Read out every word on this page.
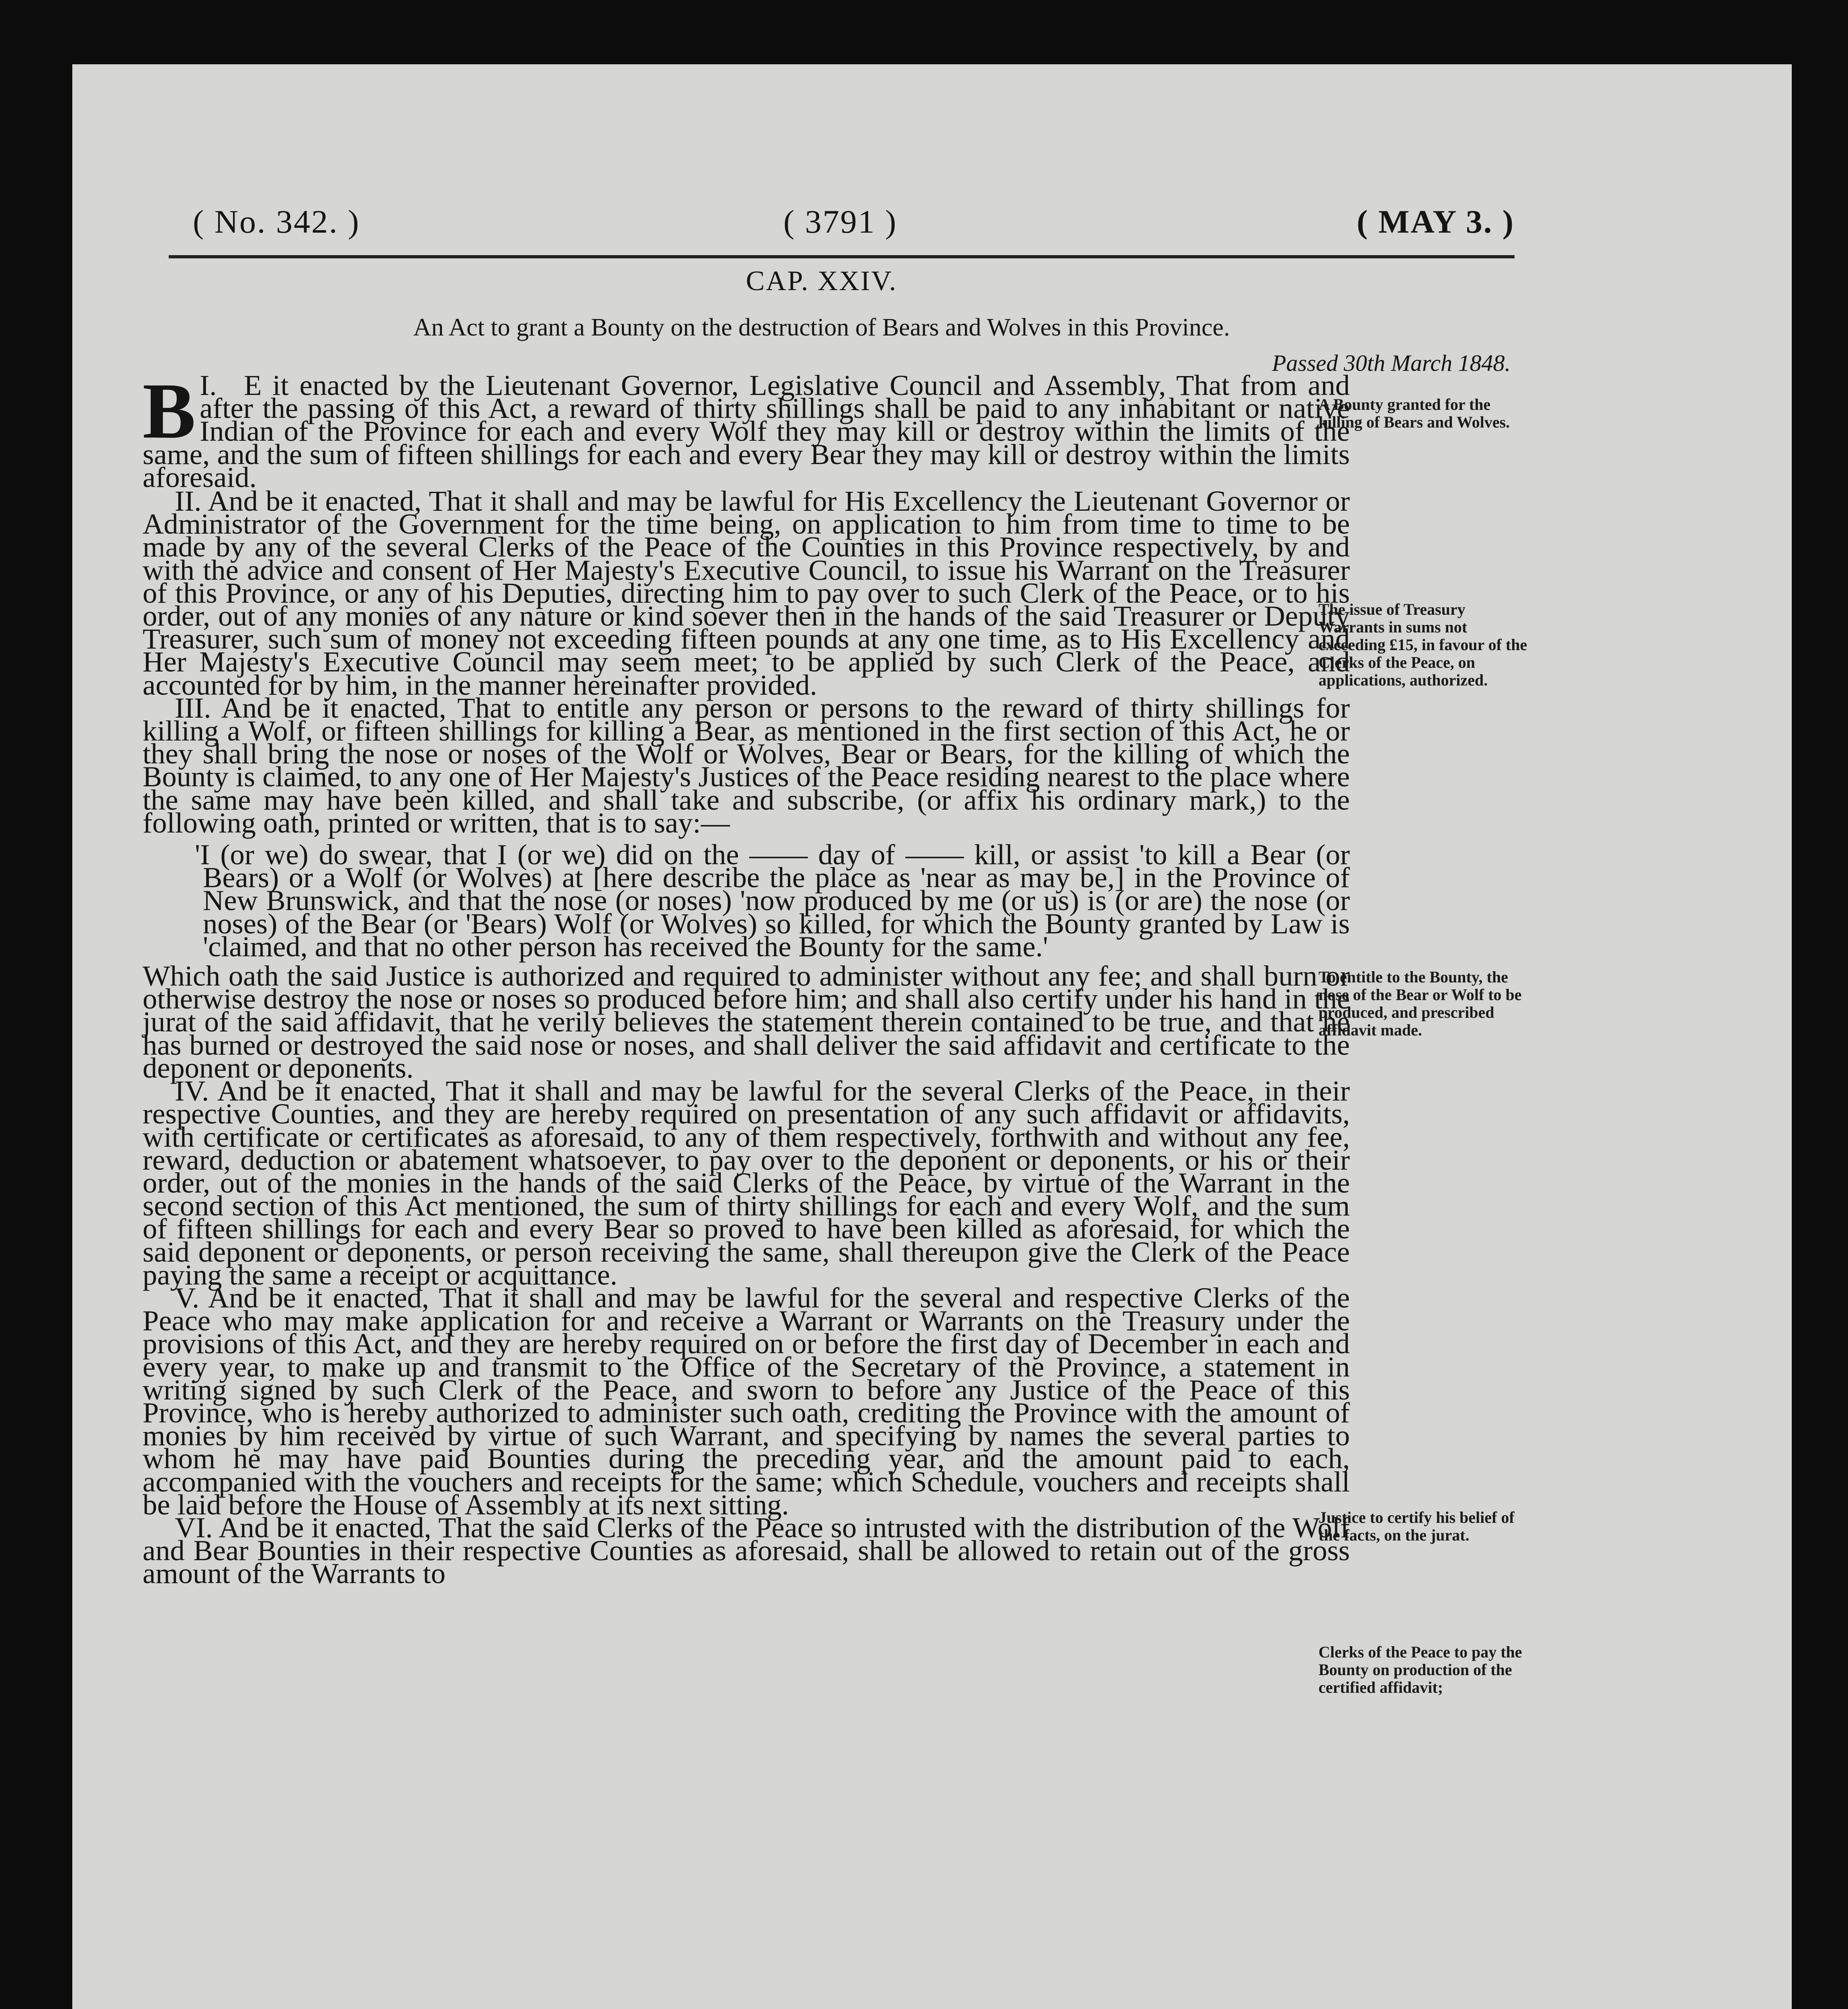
( No. 342. )	( 3791 )	( MAY 3. )
CAP. XXIV.
An Act to grant a Bounty on the destruction of Bears and Wolves in this Province.
Passed 30th March 1848.

I.
B E it enacted by the Lieutenant Governor, Legislative Council and Assembly, That from and after the passing of this Act, a reward of thirty shillings shall be paid to any inhabitant or native Indian of the Province for each and every Wolf they may kill or destroy within the limits of the same, and the sum of fifteen shillings for each and every Bear they may kill or destroy within the limits aforesaid.

II. And be it enacted, That it shall and may be lawful for His Excellency the Lieutenant Governor or Administrator of the Government for the time being, on application to him from time to time to be made by any of the several Clerks of the Peace of the Counties in this Province respectively, by and with the advice and consent of Her Majesty's Executive Council, to issue his Warrant on the Treasurer of this Province, or any of his Deputies, directing him to pay over to such Clerk of the Peace, or to his order, out of any monies of any nature or kind soever then in the hands of the said Treasurer or Deputy Treasurer, such sum of money not exceeding fifteen pounds at any one time, as to His Excellency and Her Majesty's Executive Council may seem meet; to be applied by such Clerk of the Peace, and accounted for by him, in the manner hereinafter provided.

III. And be it enacted, That to entitle any person or persons to the reward of thirty shillings for killing a Wolf, or fifteen shillings for killing a Bear, as mentioned in the first section of this Act, he or they shall bring the nose or noses of the Wolf or Wolves, Bear or Bears, for the killing of which the Bounty is claimed, to any one of Her Majesty's Justices of the Peace residing nearest to the place where the same may have been killed, and shall take and subscribe, (or affix his ordinary mark,) to the following oath, printed or written, that is to say:—

'I (or we) do swear, that I (or we) did on the —— day of —— kill, or assist 'to kill a Bear (or Bears) or a Wolf (or Wolves) at [here describe the place as 'near as may be,] in the Province of New Brunswick, and that the nose (or noses) 'now produced by me (or us) is (or are) the nose (or noses) of the Bear (or 'Bears) Wolf (or Wolves) so killed, for which the Bounty granted by Law is 'claimed, and that no other person has received the Bounty for the same.'

Which oath the said Justice is authorized and required to administer without any fee; and shall burn or otherwise destroy the nose or noses so produced before him; and shall also certify under his hand in the jurat of the said affidavit, that he verily believes the statement therein contained to be true, and that he has burned or destroyed the said nose or noses, and shall deliver the said affidavit and certificate to the deponent or deponents.

IV. And be it enacted, That it shall and may be lawful for the several Clerks of the Peace, in their respective Counties, and they are hereby required on presentation of any such affidavit or affidavits, with certificate or certificates as aforesaid, to any of them respectively, forthwith and without any fee, reward, deduction or abatement whatsoever, to pay over to the deponent or deponents, or his or their order, out of the monies in the hands of the said Clerks of the Peace, by virtue of the Warrant in the second section of this Act mentioned, the sum of thirty shillings for each and every Wolf, and the sum of fifteen shillings for each and every Bear so proved to have been killed as aforesaid, for which the said deponent or deponents, or person receiving the same, shall thereupon give the Clerk of the Peace paying the same a receipt or acquittance.

V. And be it enacted, That it shall and may be lawful for the several and respective Clerks of the Peace who may make application for and receive a Warrant or Warrants on the Treasury under the provisions of this Act, and they are hereby required on or before the first day of December in each and every year, to make up and transmit to the Office of the Secretary of the Province, a statement in writing signed by such Clerk of the Peace, and sworn to before any Justice of the Peace of this Province, who is hereby authorized to administer such oath, crediting the Province with the amount of monies by him received by virtue of such Warrant, and specifying by names the several parties to whom he may have paid Bounties during the preceding year, and the amount paid to each, accompanied with the vouchers and receipts for the same; which Schedule, vouchers and receipts shall be laid before the House of Assembly at its next sitting.

VI. And be it enacted, That the said Clerks of the Peace so intrusted with the distribution of the Wolf and Bear Bounties in their respective Counties as aforesaid, shall be allowed to retain out of the gross amount of the Warrants to

A Bounty granted for the killing of Bears and Wolves.
The issue of Treasury Warrants in sums not exceeding £15, in favour of the Clerks of the Peace, on applications, authorized.
To entitle to the Bounty, the nose of the Bear or Wolf to be produced, and prescribed affidavit made.
Justice to certify his belief of the facts, on the jurat.
Clerks of the Peace to pay the Bounty on production of the certified affidavit;
